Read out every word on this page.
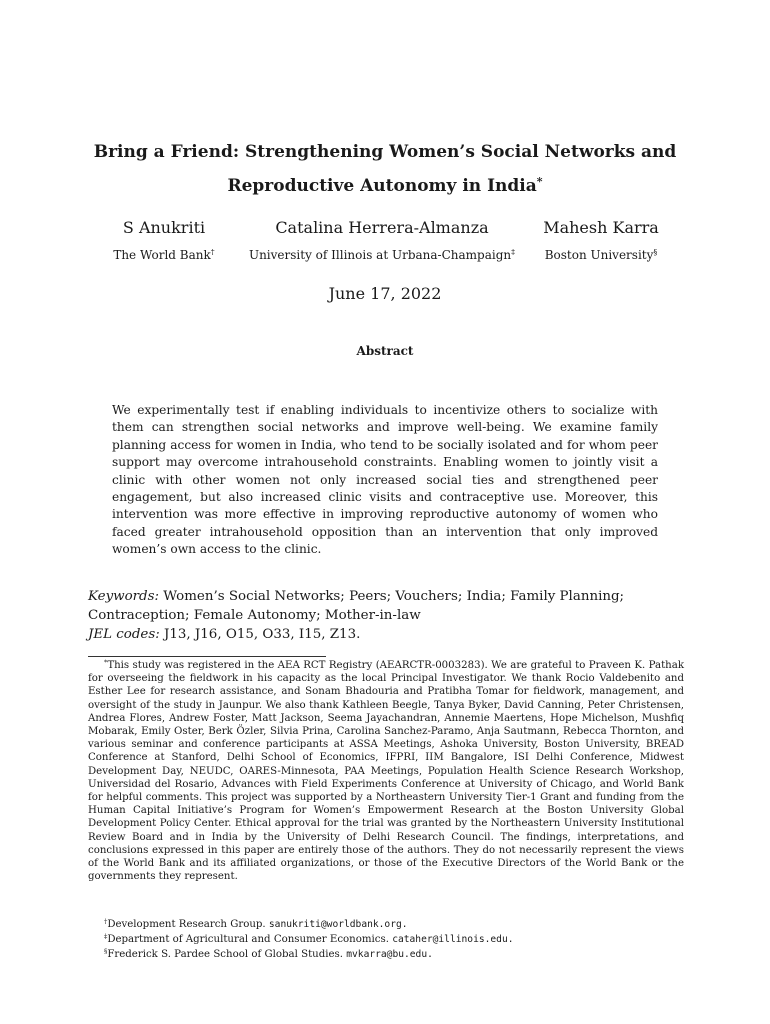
Bring a Friend: Strengthening Women’s Social Networks and
Reproductive Autonomy in India*
S Anukriti	Catalina Herrera-Almanza	Mahesh Karra
The World Bank†	University of Illinois at Urbana-Champaign‡	Boston University§
June 17, 2022
Abstract
We experimentally test if enabling individuals to incentivize others to socialize with them can strengthen social networks and improve well-being. We examine family planning access for women in India, who tend to be socially isolated and for whom peer support may overcome intrahousehold constraints. Enabling women to jointly visit a clinic with other women not only increased social ties and strengthened peer engagement, but also increased clinic visits and contraceptive use. Moreover, this intervention was more effective in improving reproductive autonomy of women who faced greater intrahousehold opposition than an intervention that only improved women’s own access to the clinic.
Keywords: Women’s Social Networks; Peers; Vouchers; India; Family Planning; Contraception; Female Autonomy; Mother-in-law
JEL codes: J13, J16, O15, O33, I15, Z13.
*This study was registered in the AEA RCT Registry (AEARCTR-0003283). We are grateful to Praveen K. Pathak for overseeing the fieldwork in his capacity as the local Principal Investigator. We thank Rocio Valdebenito and Esther Lee for research assistance, and Sonam Bhadouria and Pratibha Tomar for fieldwork, management, and oversight of the study in Jaunpur. We also thank Kathleen Beegle, Tanya Byker, David Canning, Peter Christensen, Andrea Flores, Andrew Foster, Matt Jackson, Seema Jayachandran, Annemie Maertens, Hope Michelson, Mushfiq Mobarak, Emily Oster, Berk Özler, Silvia Prina, Carolina Sanchez-Paramo, Anja Sautmann, Rebecca Thornton, and various seminar and conference participants at ASSA Meetings, Ashoka University, Boston University, BREAD Conference at Stanford, Delhi School of Economics, IFPRI, IIM Bangalore, ISI Delhi Conference, Midwest Development Day, NEUDC, OARES-Minnesota, PAA Meetings, Population Health Science Research Workshop, Universidad del Rosario, Advances with Field Experiments Conference at University of Chicago, and World Bank for helpful comments. This project was supported by a Northeastern University Tier-1 Grant and funding from the Human Capital Initiative’s Program for Women’s Empowerment Research at the Boston University Global Development Policy Center. Ethical approval for the trial was granted by the Northeastern University Institutional Review Board and in India by the University of Delhi Research Council. The findings, interpretations, and conclusions expressed in this paper are entirely those of the authors. They do not necessarily represent the views of the World Bank and its affiliated organizations, or those of the Executive Directors of the World Bank or the governments they represent.
†Development Research Group. sanukriti@worldbank.org.
‡Department of Agricultural and Consumer Economics. cataher@illinois.edu.
§Frederick S. Pardee School of Global Studies. mvkarra@bu.edu.
